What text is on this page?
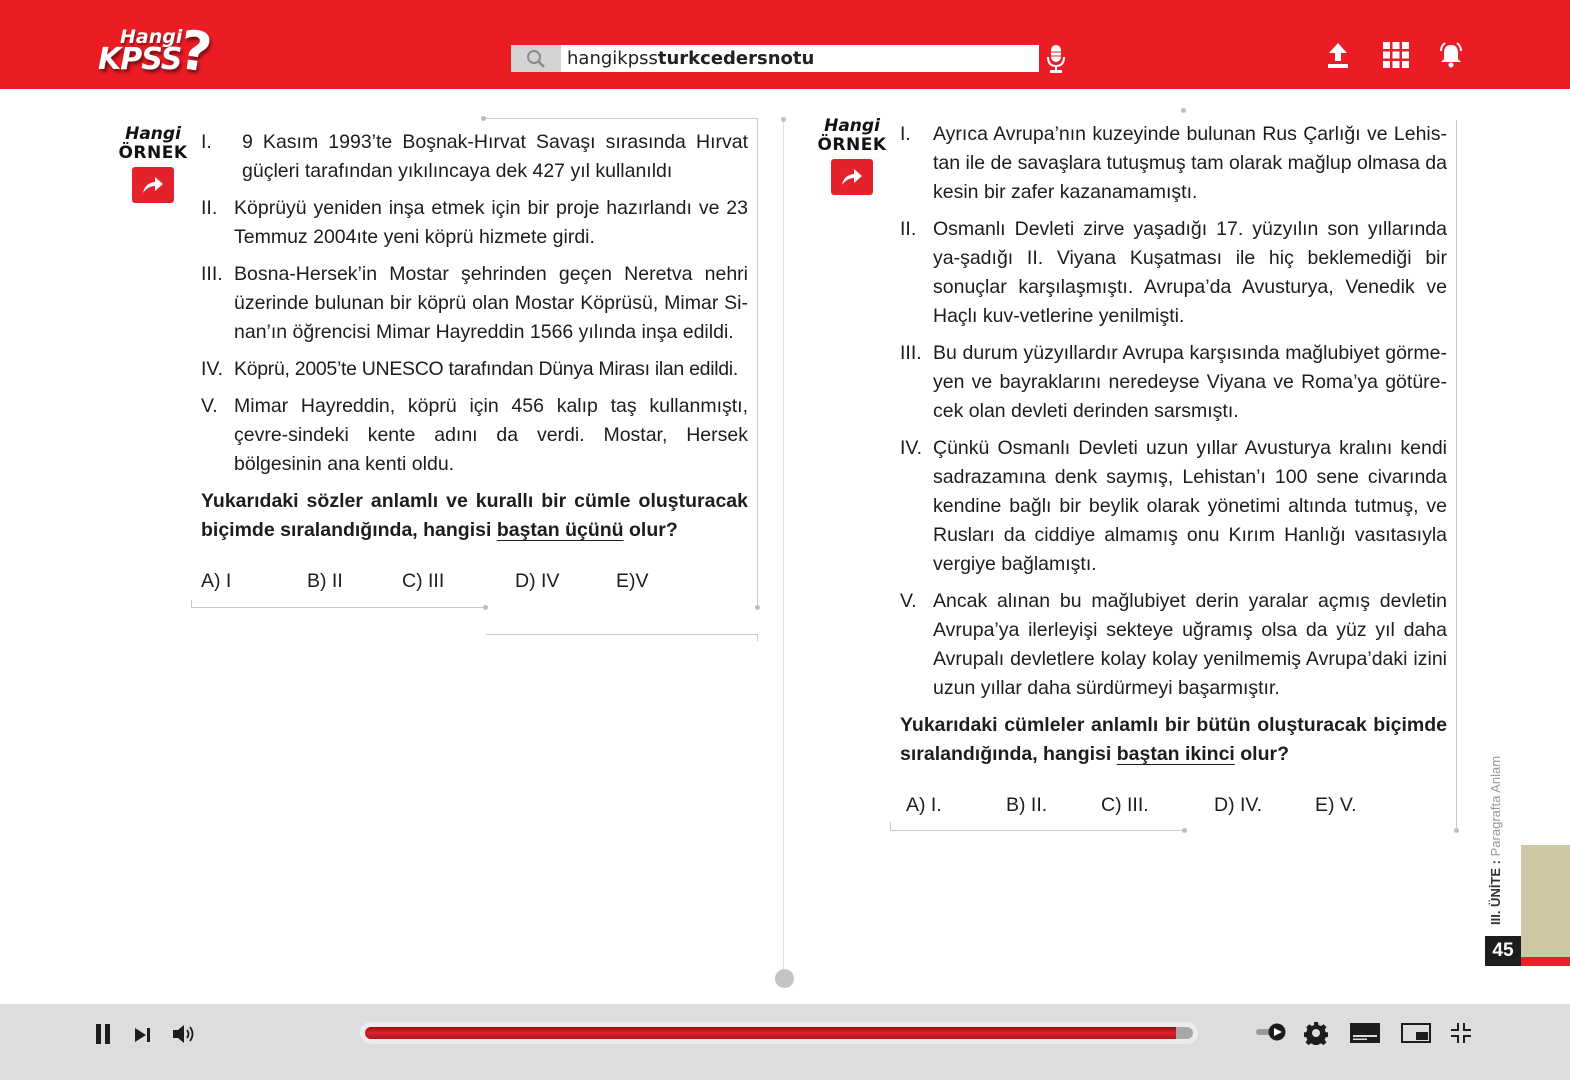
Hangi
KPSS
?	hangikpssturkcedersnotu
Hangi
ÖRNEK I.	9 Kasım 1993’te Boşnak-Hırvat Savaşı sırasında Hırvat güçleri tarafından yıkılıncaya dek 427 yıl kullanıldı
II. Köprüyü yeniden inşa etmek için bir proje hazırlandı ve 23 Temmuz 2004ıte yeni köprü hizmete girdi.
III. Bosna-Hersek’in Mostar şehrinden geçen Neretva nehri üzerinde bulunan bir köprü olan Mostar Köprüsü, Mimar Si-nan’ın öğrencisi Mimar Hayreddin 1566 yılında inşa edildi.
IV. Köprü, 2005’te UNESCO tarafından Dünya Mirası ilan edildi.
V. Mimar Hayreddin, köprü için 456 kalıp taş kullanmıştı, çevre-sindeki kente adını da verdi. Mostar, Hersek bölgesinin ana kenti oldu.
Yukarıdaki sözler anlamlı ve kurallı bir cümle oluşturacak biçimde sıralandığında, hangisi baştan üçünü olur?
A) I	B) II	C) III	D) IV	E)V
Hangi
ÖRNEK I.	Ayrıca Avrupa’nın kuzeyinde bulunan Rus Çarlığı ve Lehis-tan ile de savaşlara tutuşmuş tam olarak mağlup olmasa da kesin bir zafer kazanamamıştı.
II. Osmanlı Devleti zirve yaşadığı 17. yüzyılın son yıllarında ya-şadığı II. Viyana Kuşatması ile hiç beklemediği bir sonuçlar karşılaşmıştı. Avrupa’da Avusturya, Venedik ve Haçlı kuv-vetlerine yenilmişti.
III. Bu durum yüzyıllardır Avrupa karşısında mağlubiyet görme-yen ve bayraklarını neredeyse Viyana ve Roma’ya götüre-cek olan devleti derinden sarsmıştı.
IV. Çünkü Osmanlı Devleti uzun yıllar Avusturya kralını kendi sadrazamına denk saymış, Lehistan’ı 100 sene civarında kendine bağlı bir beylik olarak yönetimi altında tutmuş, ve Rusları da ciddiye almamış onu Kırım Hanlığı vasıtasıyla vergiye bağlamıştı.
V. Ancak alınan bu mağlubiyet derin yaralar açmış devletin Avrupa’ya ilerleyişi sekteye uğramış olsa da yüz yıl daha Avrupalı devletlere kolay kolay yenilmemiş Avrupa’daki izini uzun yıllar daha sürdürmeyi başarmıştır.
Yukarıdaki cümleler anlamlı bir bütün oluşturacak biçimde sıralandığında, hangisi baştan ikinci olur?
A) I.	B) II.	C) III.	D) IV.	E) V.
III. ÜNİTE : Paragrafta Anlam
45
